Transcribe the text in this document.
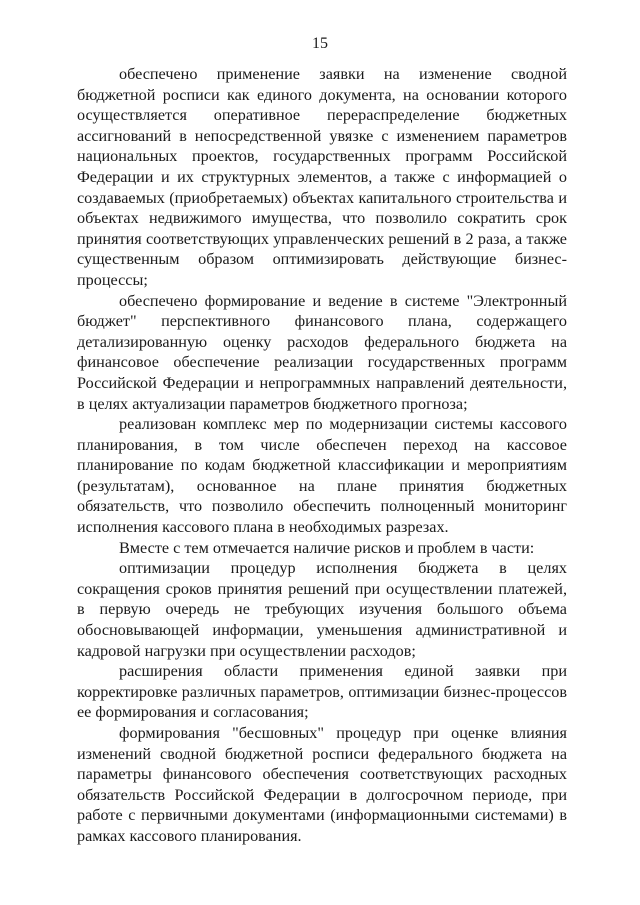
15

обеспечено применение заявки на изменение сводной бюджетной росписи как единого документа, на основании которого осуществляется оперативное перераспределение бюджетных ассигнований в непосредственной увязке с изменением параметров национальных проектов, государственных программ Российской Федерации и их структурных элементов, а также с информацией о создаваемых (приобретаемых) объектах капитального строительства и объектах недвижимого имущества, что позволило сократить срок принятия соответствующих управленческих решений в 2 раза, а также существенным образом оптимизировать действующие бизнес-процессы;

обеспечено формирование и ведение в системе "Электронный бюджет" перспективного финансового плана, содержащего детализированную оценку расходов федерального бюджета на финансовое обеспечение реализации государственных программ Российской Федерации и непрограммных направлений деятельности, в целях актуализации параметров бюджетного прогноза;

реализован комплекс мер по модернизации системы кассового планирования, в том числе обеспечен переход на кассовое планирование по кодам бюджетной классификации и мероприятиям (результатам), основанное на плане принятия бюджетных обязательств, что позволило обеспечить полноценный мониторинг исполнения кассового плана в необходимых разрезах.

Вместе с тем отмечается наличие рисков и проблем в части:

оптимизации процедур исполнения бюджета в целях сокращения сроков принятия решений при осуществлении платежей, в первую очередь не требующих изучения большого объема обосновывающей информации, уменьшения административной и кадровой нагрузки при осуществлении расходов;

расширения области применения единой заявки при корректировке различных параметров, оптимизации бизнес-процессов ее формирования и согласования;

формирования "бесшовных" процедур при оценке влияния изменений сводной бюджетной росписи федерального бюджета на параметры финансового обеспечения соответствующих расходных обязательств Российской Федерации в долгосрочном периоде, при работе с первичными документами (информационными системами) в рамках кассового планирования.
